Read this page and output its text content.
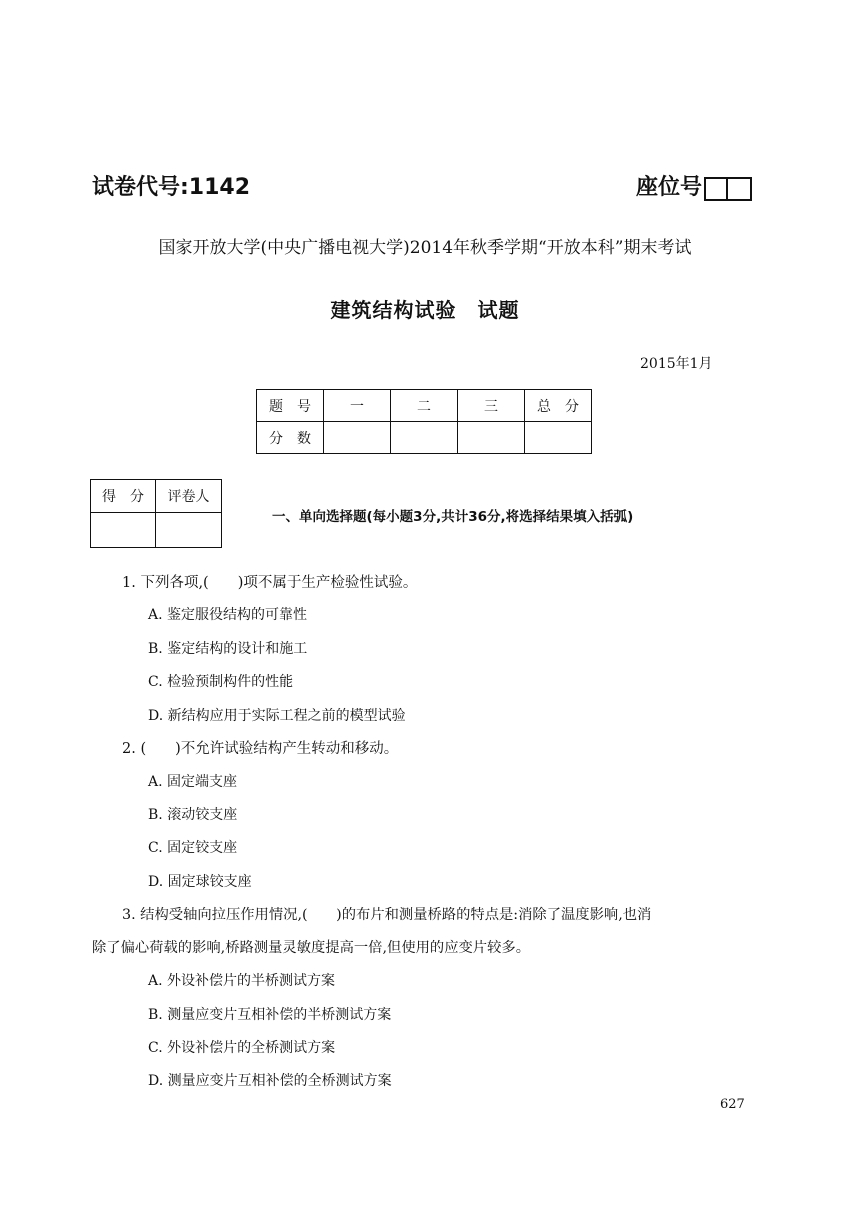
试卷代号:1142	座位号
国家开放大学(中央广播电视大学)2014年秋季学期“开放本科”期末考试
建筑结构试验　试题
2015年1月
题　号	一	二	三	总　分
分　数				
得　分	评卷人

一、单向选择题(每小题3分,共计36分,将选择结果填入括弧)
1. 下列各项,(　　)项不属于生产检验性试验。
A. 鉴定服役结构的可靠性
B. 鉴定结构的设计和施工
C. 检验预制构件的性能
D. 新结构应用于实际工程之前的模型试验
2. (　　)不允许试验结构产生转动和移动。
A. 固定端支座
B. 滚动铰支座
C. 固定铰支座
D. 固定球铰支座
3. 结构受轴向拉压作用情况,(　　)的布片和测量桥路的特点是:消除了温度影响,也消
除了偏心荷载的影响,桥路测量灵敏度提高一倍,但使用的应变片较多。
A. 外设补偿片的半桥测试方案
B. 测量应变片互相补偿的半桥测试方案
C. 外设补偿片的全桥测试方案
D. 测量应变片互相补偿的全桥测试方案
627
